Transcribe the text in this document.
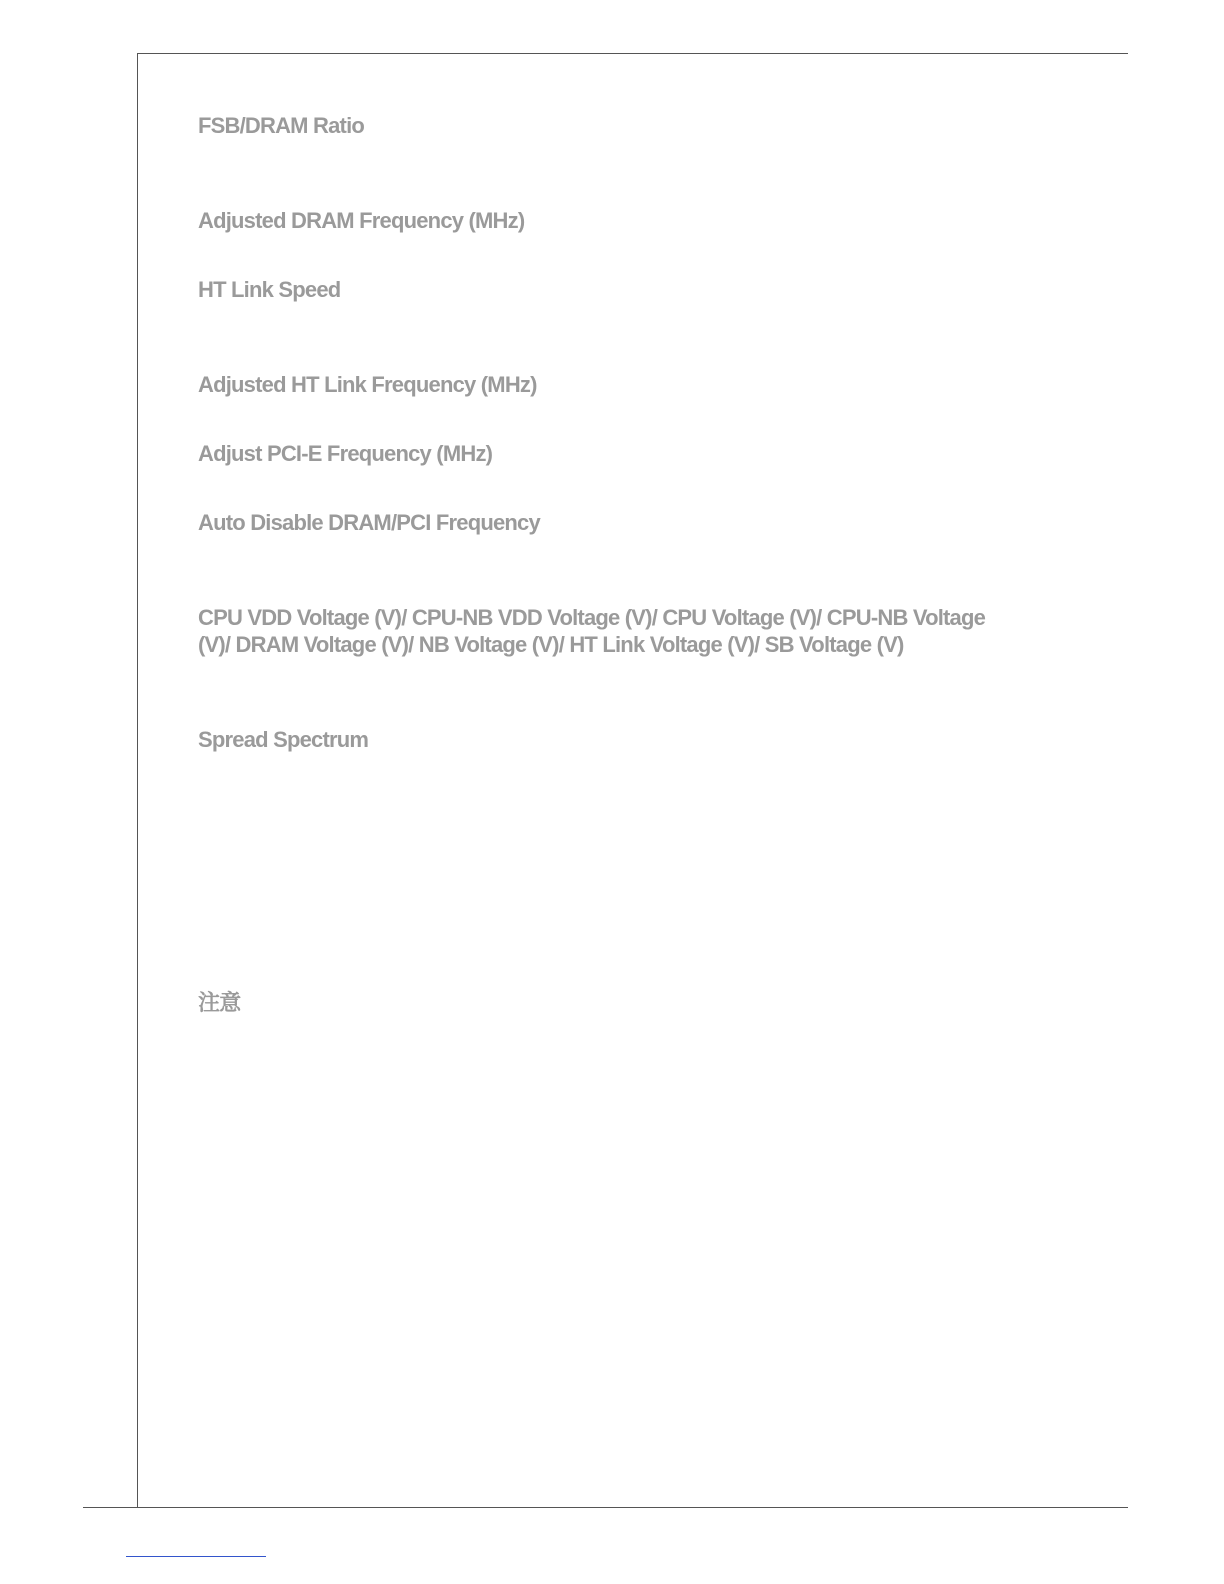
FSB/DRAM Ratio
Adjusted DRAM Frequency (MHz)
HT Link Speed
Adjusted HT Link Frequency (MHz)
Adjust PCI-E Frequency (MHz)
Auto Disable DRAM/PCI Frequency
CPU VDD Voltage (V)/ CPU-NB VDD Voltage (V)/ CPU Voltage (V)/ CPU-NB Voltage (V)/ DRAM Voltage (V)/ NB Voltage (V)/ HT Link Voltage (V)/ SB Voltage (V)
Spread Spectrum
注意
